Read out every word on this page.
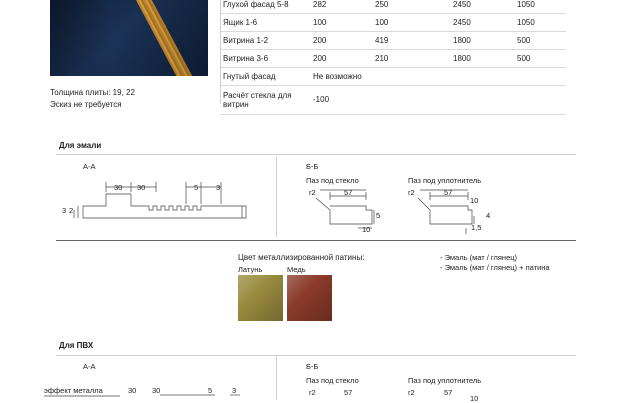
Толщина плиты: 19, 22
Эскиз не требуется
Глухой фасад 5-8	282	250	2450	1050
Ящик 1-6	100	100	2450	1050
Витрина 1-2	200	419	1800	500
Витрина 3-6	200	210	1800	500
Гнутый фасад	Не возможно			
Расчёт стекла для витрин	-100			
Для эмали
А-А
30 30	5 3
3 2
Б-Б
Паз под стекло	Паз под уплотнитель
r2	57
5
10
r2	57
10
4
1,5
Цвет металлизированной патины:
Латунь	Медь
- Эмаль (мат / глянец)
- Эмаль (мат / глянец) + патина
Для ПВХ
А-А
эффект металла	30 30	5	3
Б-Б
Паз под стекло	Паз под уплотнитель
r2	57	r2	57
10
